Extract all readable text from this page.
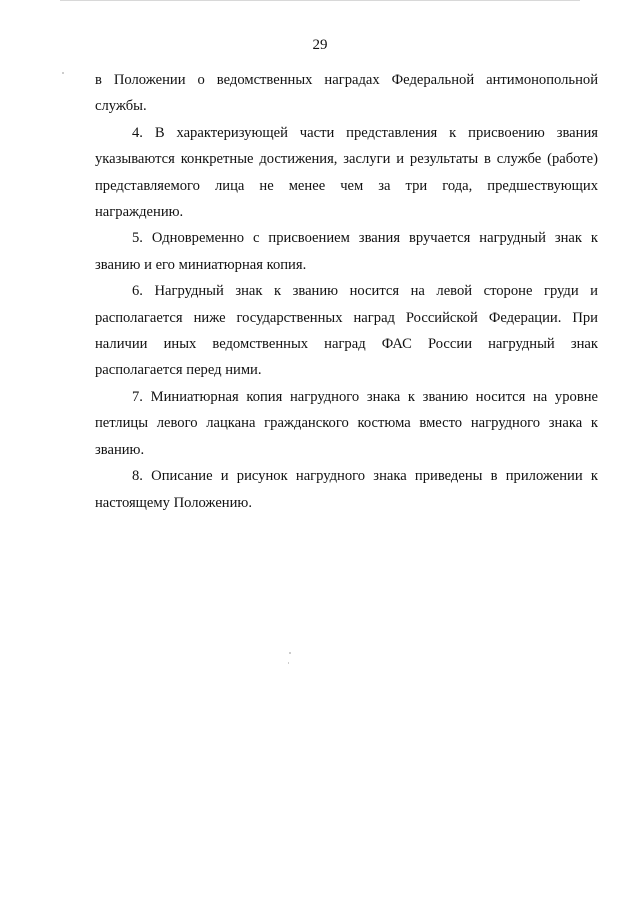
29

в Положении о ведомственных наградах Федеральной антимонопольной службы.

4. В характеризующей части представления к присвоению звания указываются конкретные достижения, заслуги и результаты в службе (работе) представляемого лица не менее чем за три года, предшествующих награждению.

5. Одновременно с присвоением звания вручается нагрудный знак к званию и его миниатюрная копия.

6. Нагрудный знак к званию носится на левой стороне груди и располагается ниже государственных наград Российской Федерации. При наличии иных ведомственных наград ФАС России нагрудный знак располагается перед ними.

7. Миниатюрная копия нагрудного знака к званию носится на уровне петлицы левого лацкана гражданского костюма вместо нагрудного знака к званию.

8. Описание и рисунок нагрудного знака приведены в приложении к настоящему Положению.
